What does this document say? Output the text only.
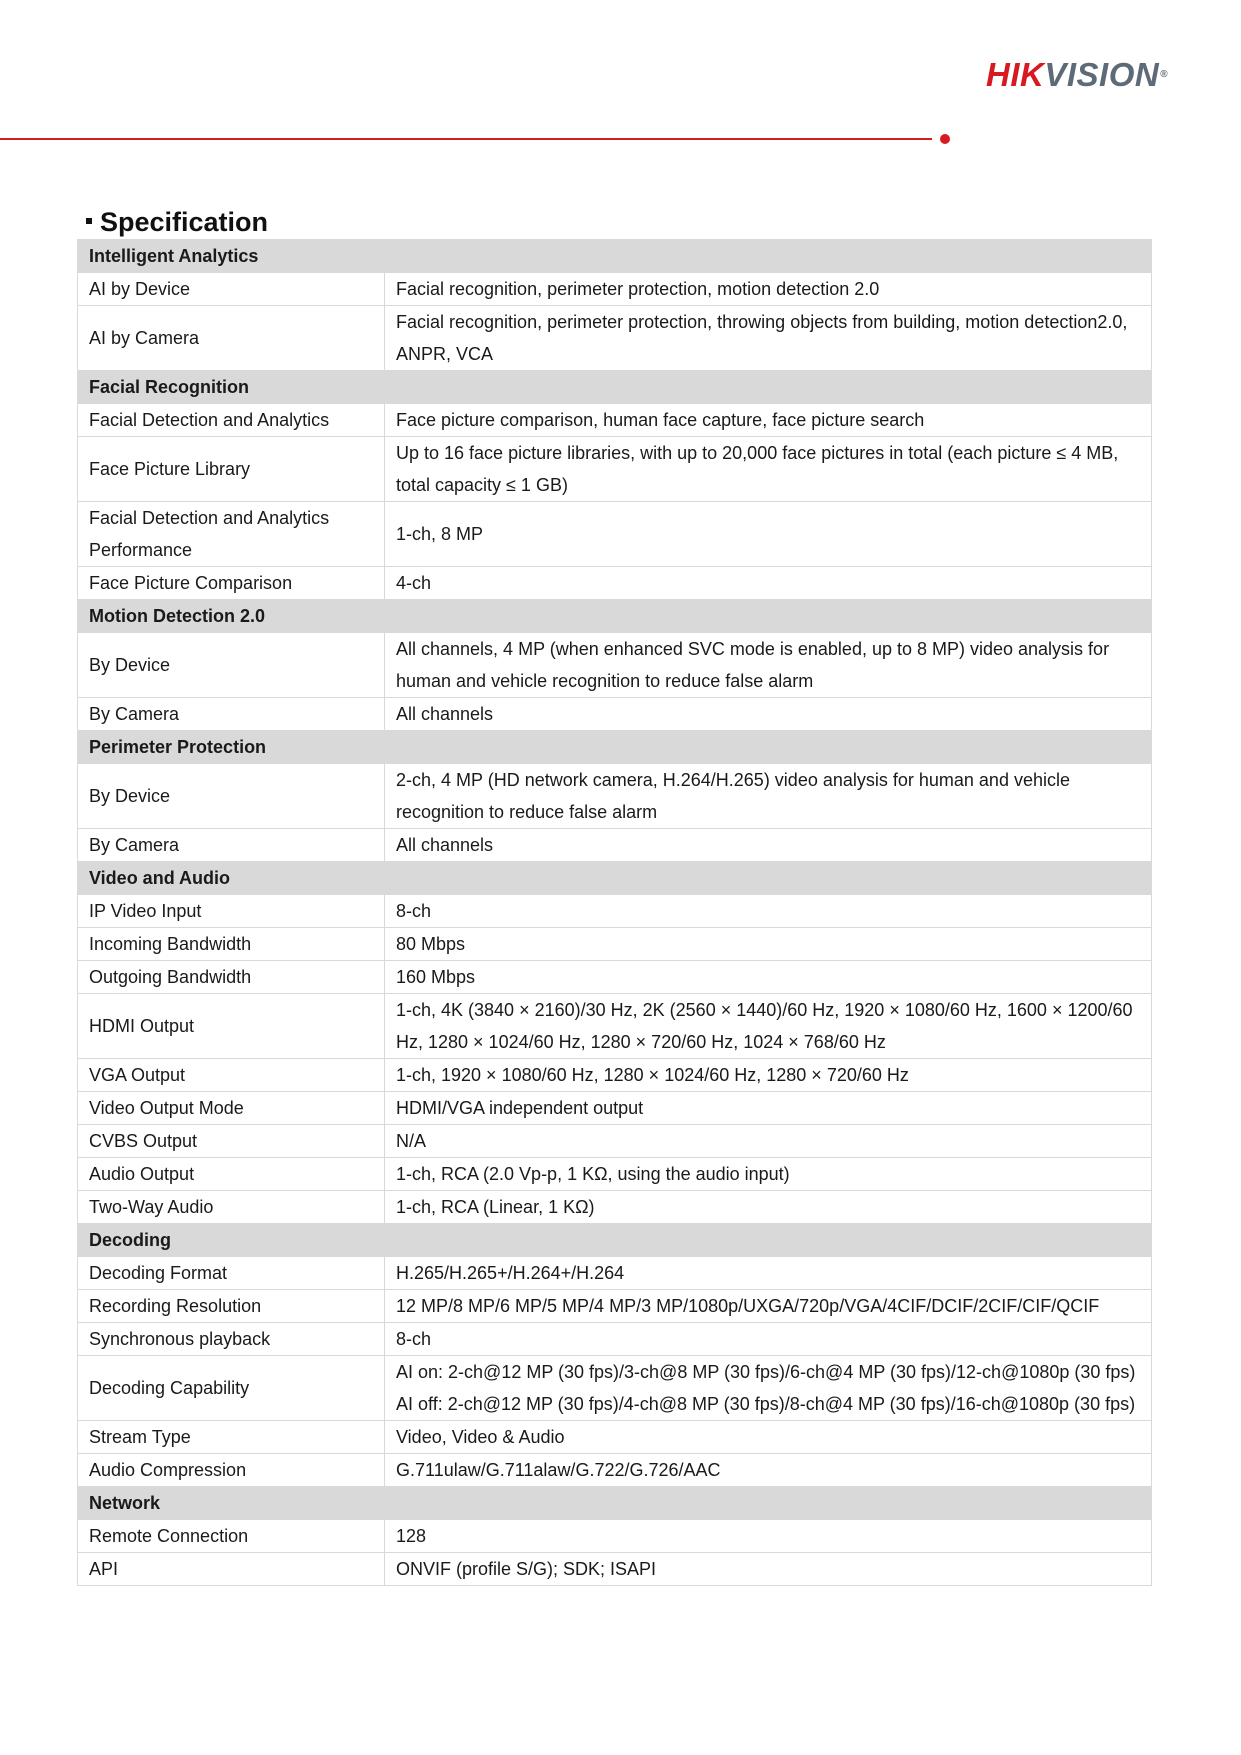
HIKVISION®
Specification
Intelligent Analytics	
AI by Device	Facial recognition, perimeter protection, motion detection 2.0

AI by Camera	Facial recognition, perimeter protection, throwing objects from building, motion detection2.0, ANPR, VCA

Facial Recognition	
Facial Detection and Analytics	Face picture comparison, human face capture, face picture search

Face Picture Library	Up to 16 face picture libraries, with up to 20,000 face pictures in total (each picture ≤ 4 MB, total capacity ≤ 1 GB)

Facial Detection and Analytics Performance	1-ch, 8 MP

Face Picture Comparison	4-ch

Motion Detection 2.0	
By Device	All channels, 4 MP (when enhanced SVC mode is enabled, up to 8 MP) video analysis for human and vehicle recognition to reduce false alarm

By Camera	All channels

Perimeter Protection	
By Device	2-ch, 4 MP (HD network camera, H.264/H.265) video analysis for human and vehicle recognition to reduce false alarm

By Camera	All channels

Video and Audio	
IP Video Input	8-ch

Incoming Bandwidth	80 Mbps

Outgoing Bandwidth	160 Mbps

HDMI Output	1-ch, 4K (3840 × 2160)/30 Hz, 2K (2560 × 1440)/60 Hz, 1920 × 1080/60 Hz, 1600 × 1200/60 Hz, 1280 × 1024/60 Hz, 1280 × 720/60 Hz, 1024 × 768/60 Hz

VGA Output	1-ch, 1920 × 1080/60 Hz, 1280 × 1024/60 Hz, 1280 × 720/60 Hz

Video Output Mode	HDMI/VGA independent output

CVBS Output	N/A

Audio Output	1-ch, RCA (2.0 Vp-p, 1 KΩ, using the audio input)

Two-Way Audio	1-ch, RCA (Linear, 1 KΩ)

Decoding	
Decoding Format	H.265/H.265+/H.264+/H.264

Recording Resolution	12 MP/8 MP/6 MP/5 MP/4 MP/3 MP/1080p/UXGA/720p/VGA/4CIF/DCIF/2CIF/CIF/QCIF

Synchronous playback	8-ch

Decoding Capability	AI on: 2-ch@12 MP (30 fps)/3-ch@8 MP (30 fps)/6-ch@4 MP (30 fps)/12-ch@1080p (30 fps)
AI off: 2-ch@12 MP (30 fps)/4-ch@8 MP (30 fps)/8-ch@4 MP (30 fps)/16-ch@1080p (30 fps)

Stream Type	Video, Video & Audio

Audio Compression	G.711ulaw/G.711alaw/G.722/G.726/AAC

Network	
Remote Connection	128

API	ONVIF (profile S/G); SDK; ISAPI
